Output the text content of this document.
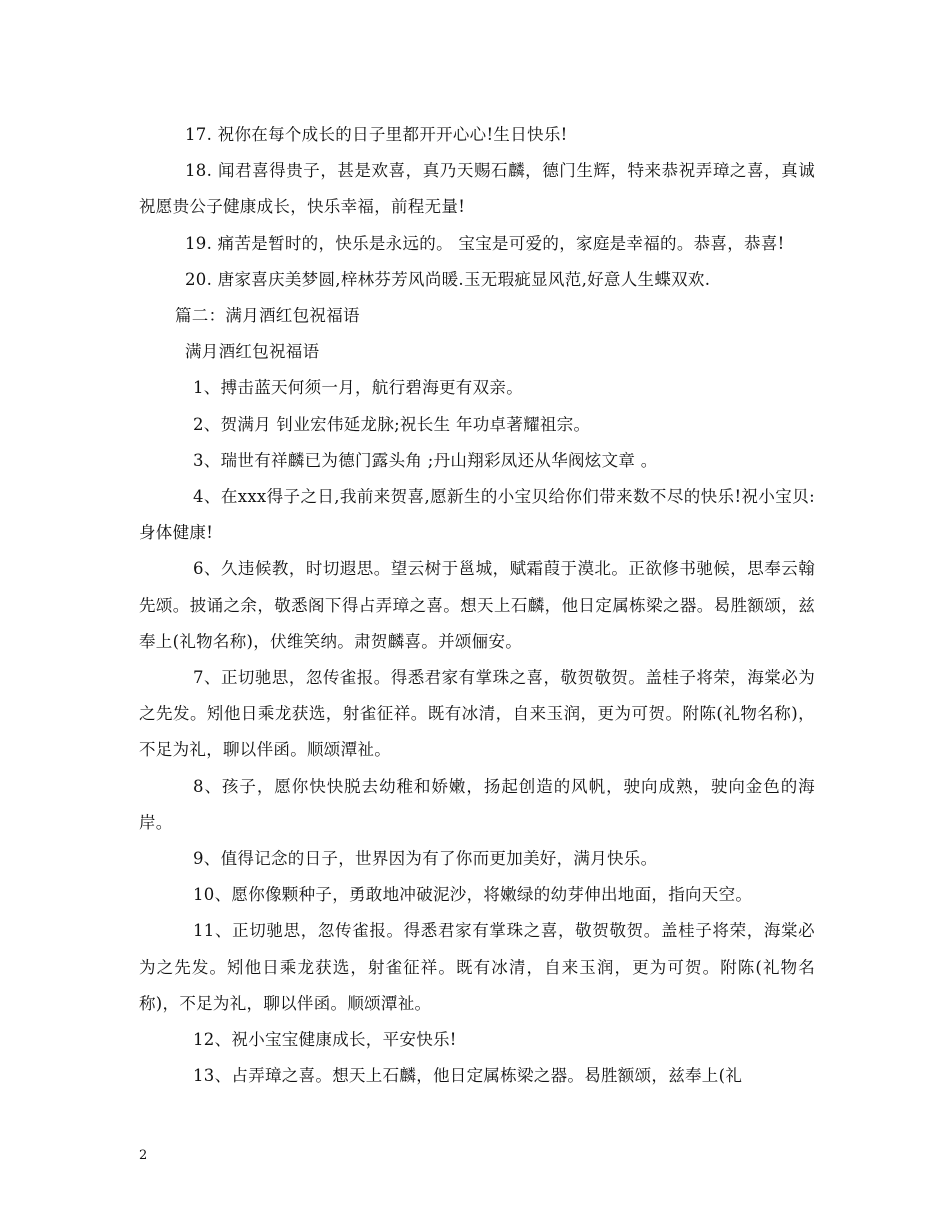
17. 祝你在每个成长的日子里都开开心心!生日快乐!

18. 闻君喜得贵子，甚是欢喜，真乃天赐石麟，德门生辉，特来恭祝弄璋之喜，真诚祝愿贵公子健康成长，快乐幸福，前程无量!

19. 痛苦是暂时的，快乐是永远的。 宝宝是可爱的，家庭是幸福的。恭喜，恭喜!

20. 唐家喜庆美梦圆,梓林芬芳风尚暖.玉无瑕疵显风范,好意人生蝶双欢.

篇二：满月酒红包祝福语

满月酒红包祝福语

1、搏击蓝天何须一月，航行碧海更有双亲。

2、贺满月 钊业宏伟延龙脉;祝长生 年功卓著耀祖宗。

3、瑞世有祥麟已为德门露头角 ;丹山翔彩凤还从华阀炫文章 。

4、在xxx得子之日,我前来贺喜,愿新生的小宝贝给你们带来数不尽的快乐!祝小宝贝:身体健康!

6、久违候教，时切遐思。望云树于邕城，赋霜葭于漠北。正欲修书驰候，思奉云翰先颂。披诵之余，敬悉阁下得占弄璋之喜。想天上石麟，他日定属栋梁之器。曷胜额颂，兹奉上(礼物名称)，伏维笑纳。肃贺麟喜。并颂俪安。

7、正切驰思，忽传雀报。得悉君家有掌珠之喜，敬贺敬贺。盖桂子将荣，海棠必为之先发。矧他日乘龙获选，射雀征祥。既有冰清，自来玉润，更为可贺。附陈(礼物名称)，不足为礼，聊以伴函。顺颂潭祉。

8、孩子，愿你快快脱去幼稚和娇嫩，扬起创造的风帆，驶向成熟，驶向金色的海岸。

9、值得记念的日子，世界因为有了你而更加美好，满月快乐。

10、愿你像颗种子，勇敢地冲破泥沙，将嫩绿的幼芽伸出地面，指向天空。

11、正切驰思，忽传雀报。得悉君家有掌珠之喜，敬贺敬贺。盖桂子将荣，海棠必为之先发。矧他日乘龙获选，射雀征祥。既有冰清，自来玉润，更为可贺。附陈(礼物名称)，不足为礼，聊以伴函。顺颂潭祉。

12、祝小宝宝健康成长，平安快乐!

13、占弄璋之喜。想天上石麟，他日定属栋梁之器。曷胜额颂，兹奉上(礼

2
